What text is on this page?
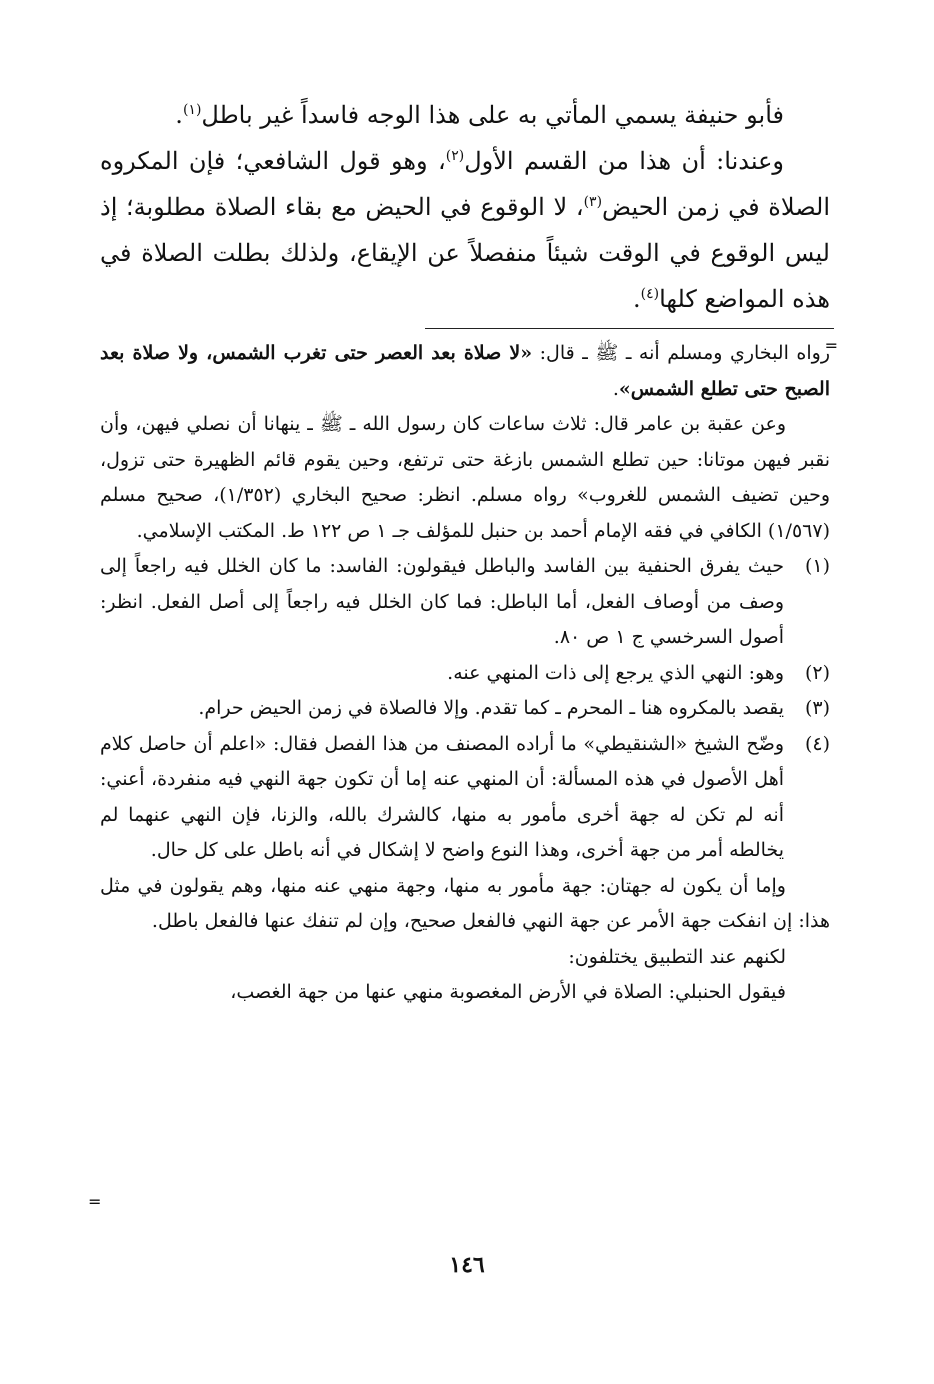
فأبو حنيفة يسمي المأتي به على هذا الوجه فاسداً غير باطل$^{(١)}$.

وعندنا: أن هذا من القسم الأول$^{(٢)}$، وهو قول الشافعي؛ فإن المكروه الصلاة في زمن الحيض$^{(٣)}$، لا الوقوع في الحيض مع بقاء الصلاة مطلوبة؛ إذ ليس الوقوع في الوقت شيئاً منفصلاً عن الإيقاع، ولذلك بطلت الصلاة في هذه المواضع كلها$^{(٤)}$.

=

رواه البخاري ومسلم أنه ـ ﷺ ـ قال: «لا صلاة بعد العصر حتى تغرب الشمس، ولا صلاة بعد الصبح حتى تطلع الشمس».

وعن عقبة بن عامر قال: ثلاث ساعات كان رسول الله ـ ﷺ ـ ينهانا أن نصلي فيهن، وأن نقبر فيهن موتانا: حين تطلع الشمس بازغة حتى ترتفع، وحين يقوم قائم الظهيرة حتى تزول، وحين تضيف الشمس للغروب» رواه مسلم. انظر: صحيح البخاري (١/٣٥٢)، صحيح مسلم (١/٥٦٧) الكافي في فقه الإمام أحمد بن حنبل للمؤلف جـ ١ ص ١٢٢ ط. المكتب الإسلامي.

(١)

حيث يفرق الحنفية بين الفاسد والباطل فيقولون: الفاسد: ما كان الخلل فيه راجعاً إلى وصف من أوصاف الفعل، أما الباطل: فما كان الخلل فيه راجعاً إلى أصل الفعل. انظر: أصول السرخسي ج ١ ص ٨٠.

(٢)

وهو: النهي الذي يرجع إلى ذات المنهي عنه.

(٣)

يقصد بالمكروه هنا ـ المحرم ـ كما تقدم. وإلا فالصلاة في زمن الحيض حرام.

(٤)

وضّح الشيخ «الشنقيطي» ما أراده المصنف من هذا الفصل فقال: «اعلم أن حاصل كلام أهل الأصول في هذه المسألة: أن المنهي عنه إما أن تكون جهة النهي فيه منفردة، أعني: أنه لم تكن له جهة أخرى مأمور به منها، كالشرك بالله، والزنا، فإن النهي عنهما لم يخالطه أمر من جهة أخرى، وهذا النوع واضح لا إشكال في أنه باطل على كل حال.

وإما أن يكون له جهتان: جهة مأمور به منها، وجهة منهي عنه منها، وهم يقولون في مثل هذا: إن انفكت جهة الأمر عن جهة النهي فالفعل صحيح، وإن لم تنفك عنها فالفعل باطل.

لكنهم عند التطبيق يختلفون:

فيقول الحنبلي: الصلاة في الأرض المغصوبة منهي عنها من جهة الغصب،

=
١٤٦
